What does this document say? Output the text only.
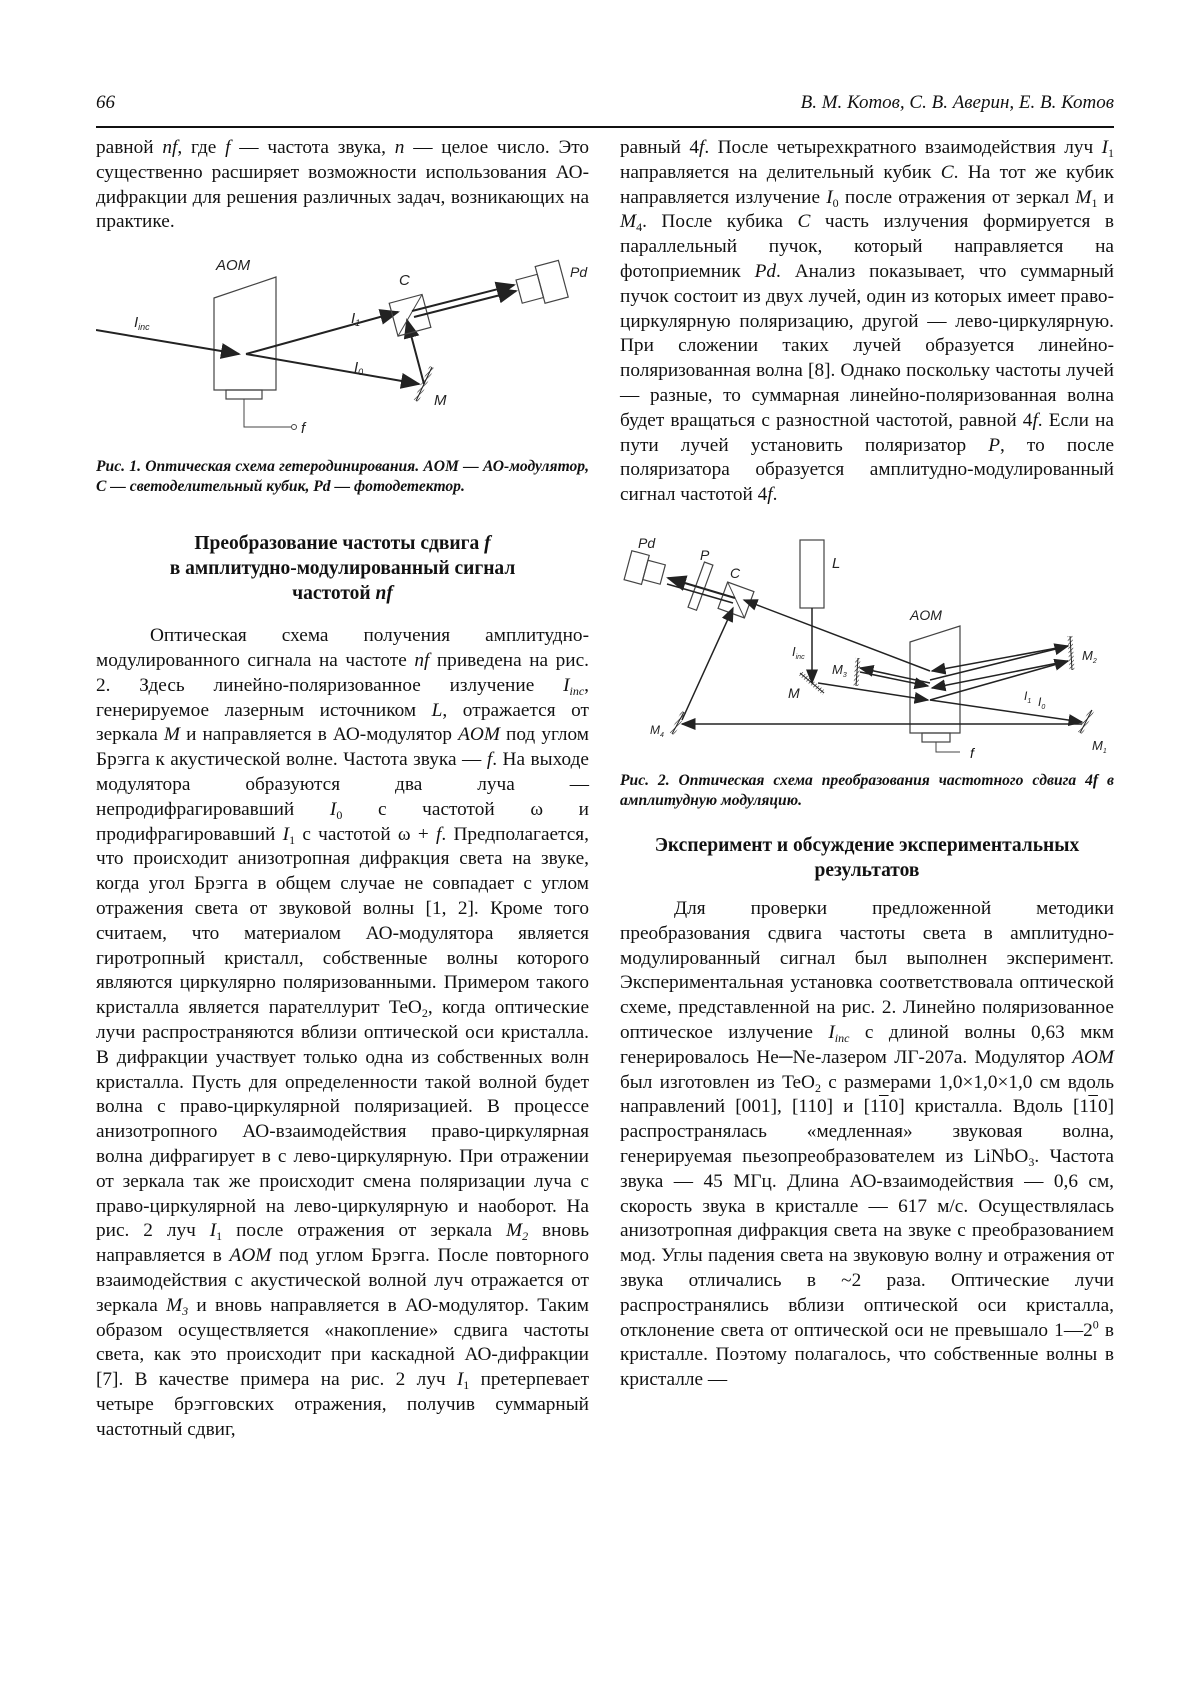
66	В. М. Котов, С. В. Аверин, Е. В. Котов

равной nf, где f — частота звука, n — целое число. Это существенно расширяет возможности использования АО-дифракции для решения различных задач, возникающих на практике.

f
AOM
$I_{inc}$	$I_1$
$I_0$
M
C	Pd

Рис. 1. Оптическая схема гетеродинирования. AOM — АО-модулятор, C — светоделительный кубик, Pd — фотодетектор.

Преобразование частоты сдвига f
в амплитудно-модулированный сигнал
частотой nf

Оптическая схема получения амплитудно-модулированного сигнала на частоте nf приведена на рис. 2. Здесь линейно-поляризованное излучение $I_{inc}$, генерируемое лазерным источником L, отражается от зеркала M и направляется в АО-модулятор AOM под углом Брэгга к акустической волне. Частота звука — f. На выходе модулятора образуются два луча — непродифрагировавший $I_0$ с частотой ω и продифрагировавший $I_1$ с частотой ω + f. Предполагается, что происходит анизотропная дифракция света на звуке, когда угол Брэгга в общем случае не совпадает с углом отражения света от звуковой волны [1, 2]. Кроме того считаем, что материалом АО-модулятора является гиротропный кристалл, собственные волны которого являются циркулярно поляризованными. Примером такого кристалла является парателлурит TeO$_2$, когда оптические лучи распространяются вблизи оптической оси кристалла. В дифракции участвует только одна из собственных волн кристалла. Пусть для определенности такой волной будет волна с право-циркулярной поляризацией. В процессе анизотропного АО-взаимодействия право-циркулярная волна дифрагирует в с лево-циркулярную. При отражении от зеркала так же происходит смена поляризации луча с право-циркулярной на лево-циркулярную и наоборот. На рис. 2 луч $I_1$ после отражения от зеркала $M_2$ вновь направляется в AOM под углом Брэгга. После повторного взаимодействия с акустической волной луч отражается от зеркала $M_3$ и вновь направляется в АО-модулятор. Таким образом осуществляется «накопление» сдвига частоты света, как это происходит при каскадной АО-дифракции [7]. В качестве примера на рис. 2 луч $I_1$ претерпевает четыре брэгговских отражения, получив суммарный частотный сдвиг,

равный 4f. После четырехкратного взаимодействия луч $I_1$ направляется на делительный кубик C. На тот же кубик направляется излучение $I_0$ после отражения от зеркал $M_1$ и $M_4$. После кубика C часть излучения формируется в параллельный пучок, который направляется на фотоприемник Pd. Анализ показывает, что суммарный пучок состоит из двух лучей, один из которых имеет право-циркулярную поляризацию, другой — лево-циркулярную. При сложении таких лучей образуется линейно-поляризованная волна [8]. Однако поскольку частоты лучей — разные, то суммарная линейно-поляризованная волна будет вращаться с разностной частотой, равной 4f. Если на пути лучей установить поляризатор P, то после поляризатора образуется амплитудно-модулированный сигнал частотой 4f.

Pd
P
C
L
$I_{inc}$
M
AOM
$M_2$
$M_3$
$I_1$ $I_0$
$M_1$
$M_4$
f

Рис. 2. Оптическая схема преобразования частотного сдвига 4f в амплитудную модуляцию.

Эксперимент и обсуждение экспериментальных
результатов

Для проверки предложенной методики преобразования сдвига частоты света в амплитудно-модулированный сигнал был выполнен эксперимент. Экспериментальная установка соответствовала оптической схеме, представленной на рис. 2. Линейно поляризованное оптическое излучение $I_{inc}$ с длиной волны 0,63 мкм генерировалось He─Ne-лазером ЛГ-207а. Модулятор AOM был изготовлен из TeO$_2$ с размерами 1,0×1,0×1,0 см вдоль направлений [001], [110] и [110] кристалла. Вдоль [110] распространялась «медленная» звуковая волна, генерируемая пьезопреобразователем из LiNbO$_3$. Частота звука — 45 МГц. Длина АО-взаимодействия — 0,6 см, скорость звука в кристалле — 617 м/с. Осуществлялась анизотропная дифракция света на звуке с преобразованием мод. Углы падения света на звуковую волну и отражения от звука отличались в ~2 раза. Оптические лучи распространялись вблизи оптической оси кристалла, отклонение света от оптической оси не превышало $1—2^0$ в кристалле. Поэтому полагалось, что собственные волны в кристалле —
